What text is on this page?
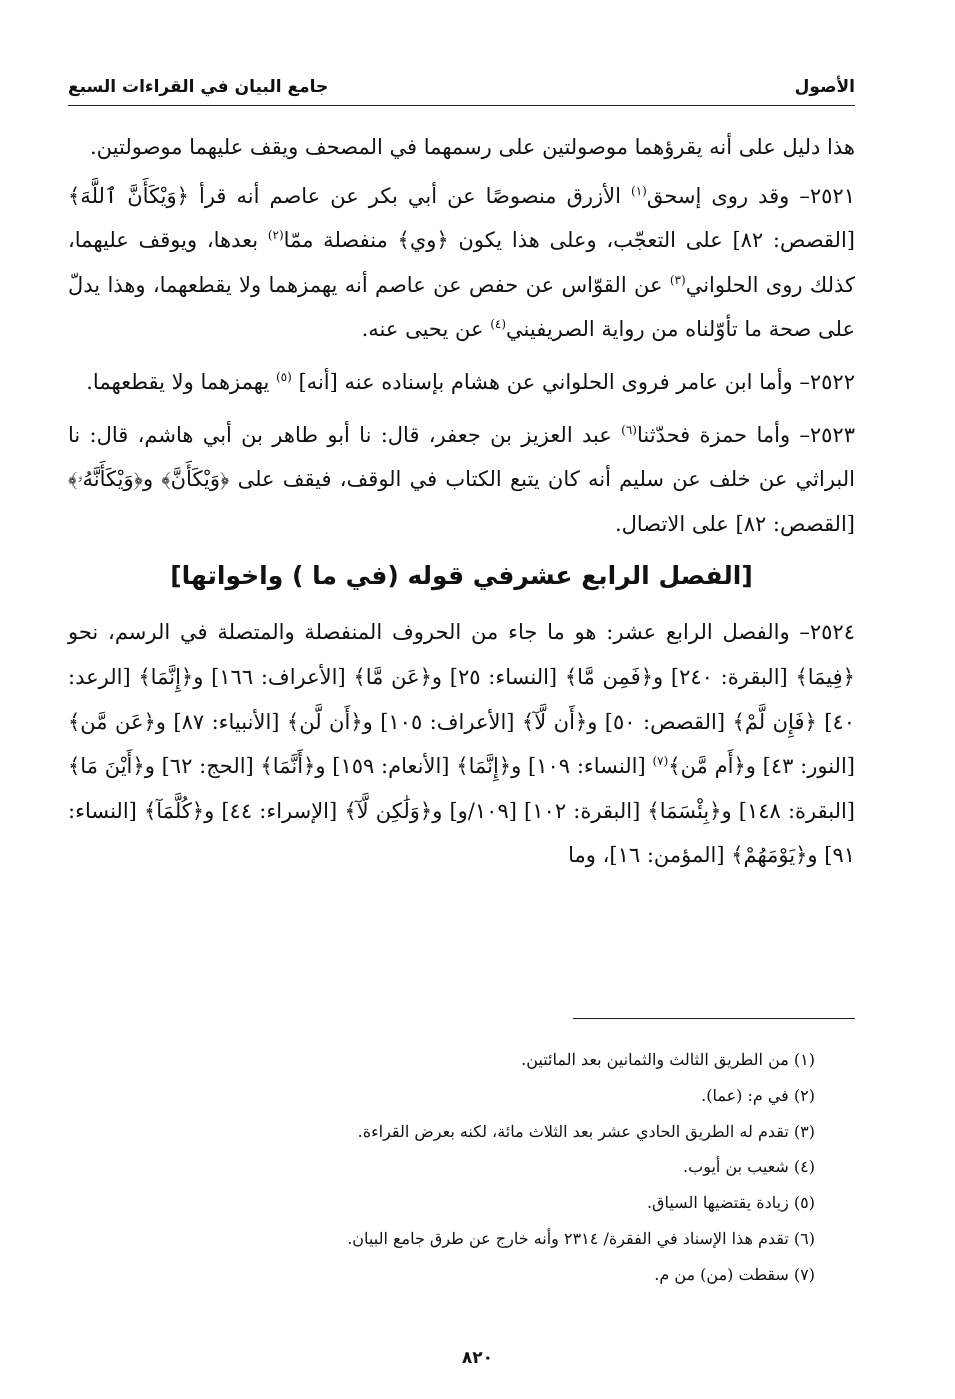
جامع البيان في القراءات السبع	الأصول

هذا دليل على أنه يقرؤهما موصولتين على رسمهما في المصحف ويقف عليهما موصولتين.

٢٥٢١– وقد روى إسحق$^{(١)}$ الأزرق منصوصًا عن أبي بكر عن عاصم أنه قرأ ﴿وَيْكَأَنَّ ٱللَّهَ﴾ [القصص: ٨٢] على التعجّب، وعلى هذا يكون ﴿وي﴾ منفصلة ممّا$^{(٢)}$ بعدها، ويوقف عليهما، كذلك روى الحلواني$^{(٣)}$ عن القوّاس عن حفص عن عاصم أنه يهمزهما ولا يقطعهما، وهذا يدلّ على صحة ما تأوّلناه من رواية الصريفيني$^{(٤)}$ عن يحيى عنه.

٢٥٢٢– وأما ابن عامر فروى الحلواني عن هشام بإسناده عنه [أنه] $^{(٥)}$ يهمزهما ولا يقطعهما.

٢٥٢٣– وأما حمزة فحدّثنا$^{(٦)}$ عبد العزيز بن جعفر، قال: نا أبو طاهر بن أبي هاشم، قال: نا البراثي عن خلف عن سليم أنه كان يتبع الكتاب في الوقف، فيقف على ﴿وَيْكَأَنَّ﴾ و﴿وَيْكَأَنَّهُۥ﴾ [القصص: ٨٢] على الاتصال.

[الفصل الرابع عشرفي قوله (في ما ) واخواتها]

٢٥٢٤– والفصل الرابع عشر: هو ما جاء من الحروف المنفصلة والمتصلة في الرسم، نحو ﴿فِيمَا﴾ [البقرة: ٢٤٠] و﴿فَمِن مَّا﴾ [النساء: ٢٥] و﴿عَن مَّا﴾ [الأعراف: ١٦٦] و﴿إِنَّمَا﴾ [الرعد: ٤٠] ﴿فَإِن لَّمْ﴾ [القصص: ٥٠] و﴿أَن لَّآ﴾ [الأعراف: ١٠٥] و﴿أَن لَّن﴾ [الأنبياء: ٨٧] و﴿عَن مَّن﴾ [النور: ٤٣] و﴿أَم مَّن﴾$^{(٧)}$ [النساء: ١٠٩] و﴿إِنَّمَا﴾ [الأنعام: ١٥٩] و﴿أَنَّمَا﴾ [الحج: ٦٢] و﴿أَيْنَ مَا﴾ [البقرة: ١٤٨] و﴿بِئْسَمَا﴾ [البقرة: ١٠٢] [١٠٩/و] و﴿وَلَٰكِن لَّآ﴾ [الإسراء: ٤٤] و﴿كُلَّمَآ﴾ [النساء: ٩١] و﴿يَوْمَهُمْ﴾ [المؤمن: ١٦]، وما

(١) من الطريق الثالث والثمانين بعد المائتين.

(٢) في م: (عما).

(٣) تقدم له الطريق الحادي عشر بعد الثلاث مائة، لكنه بعرض القراءة.

(٤) شعيب بن أيوب.

(٥) زيادة يقتضيها السياق.

(٦) تقدم هذا الإسناد في الفقرة/ ٢٣١٤ وأنه خارج عن طرق جامع البيان.

(٧) سقطت (من) من م.

٨٢٠
